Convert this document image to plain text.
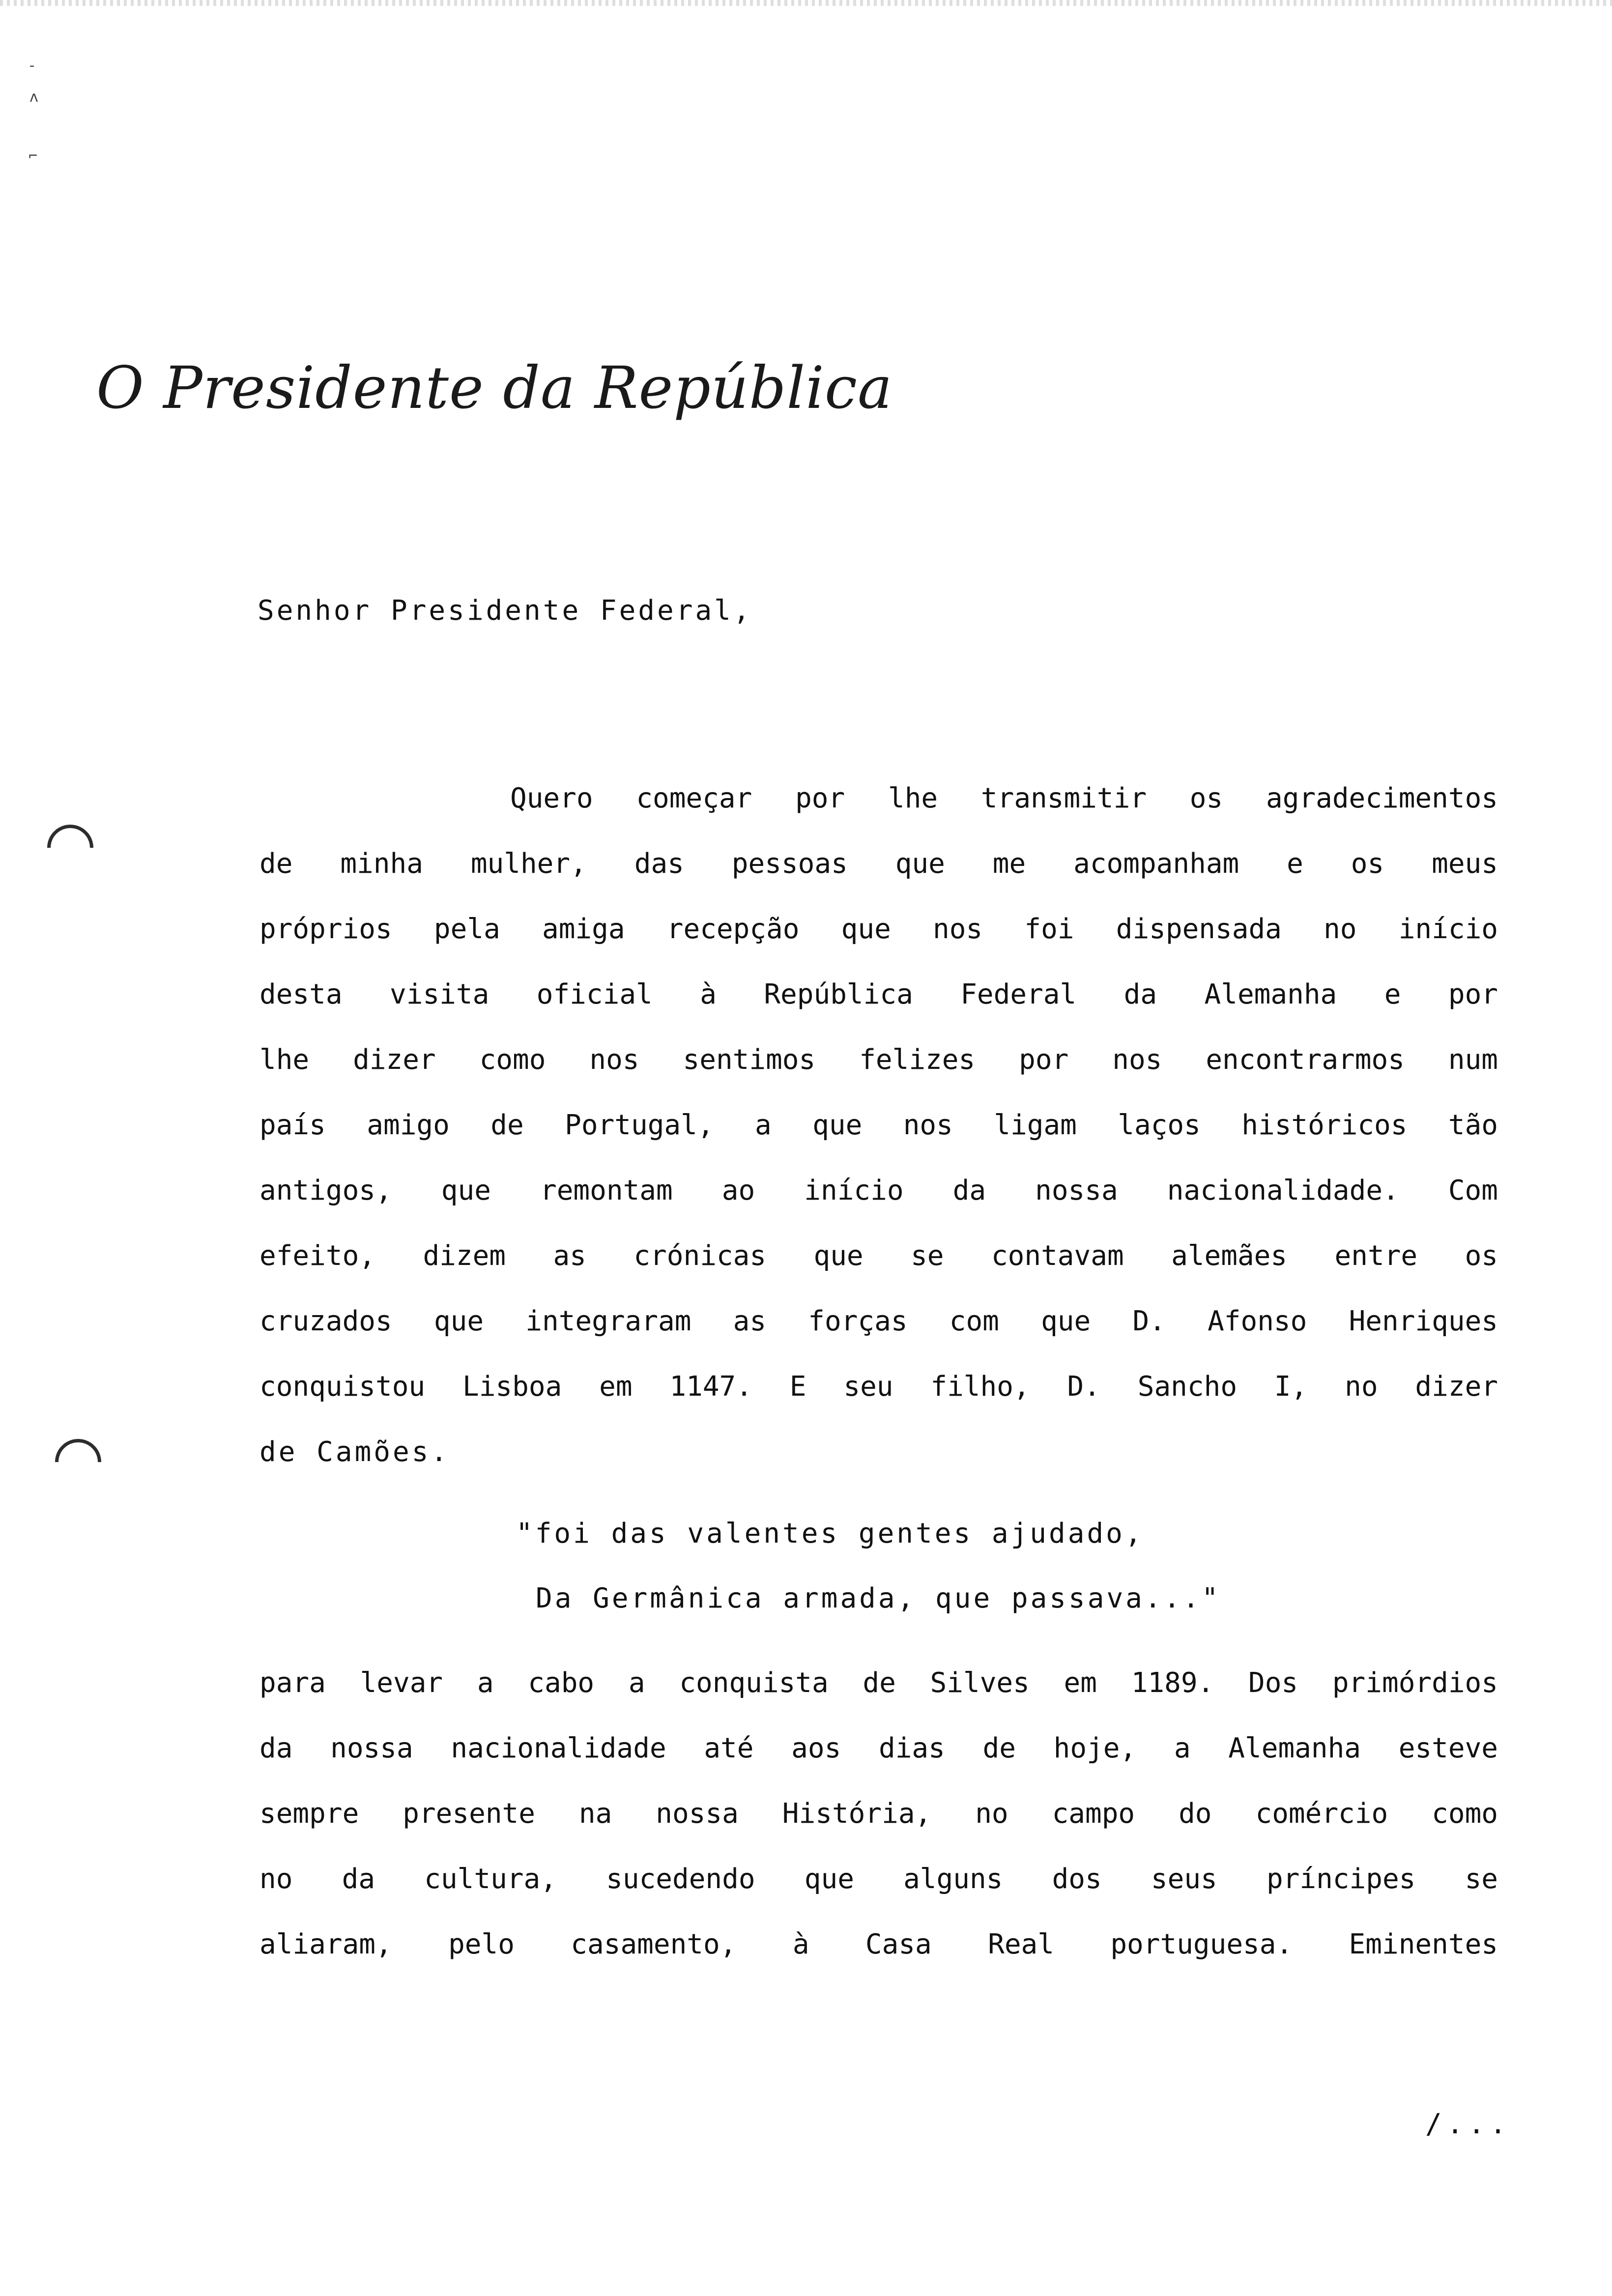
-
ʌ
⌐
O Presidente da República
Senhor Presidente Federal,
Quero começar por lhe transmitir os agradecimentos
de minha mulher, das pessoas que me acompanham e os meus
próprios pela amiga recepção que nos foi dispensada no início
desta visita oficial à República Federal da Alemanha e por
lhe dizer como nos sentimos felizes por nos encontrarmos num
país amigo de Portugal, a que nos ligam laços históricos tão
antigos, que remontam ao início da nossa nacionalidade. Com
efeito, dizem as crónicas que se contavam alemães entre os
cruzados que integraram as forças com que D. Afonso Henriques
conquistou Lisboa em 1147. E seu filho, D. Sancho I, no dizer
de Camões.
"foi das valentes gentes ajudado,
Da Germânica armada, que passava..."
para levar a cabo a conquista de Silves em 1189. Dos primórdios
da nossa nacionalidade até aos dias de hoje, a Alemanha esteve
sempre presente na nossa História, no campo do comércio como
no da cultura, sucedendo que alguns dos seus príncipes se
aliaram, pelo casamento, à Casa Real portuguesa. Eminentes
/...
